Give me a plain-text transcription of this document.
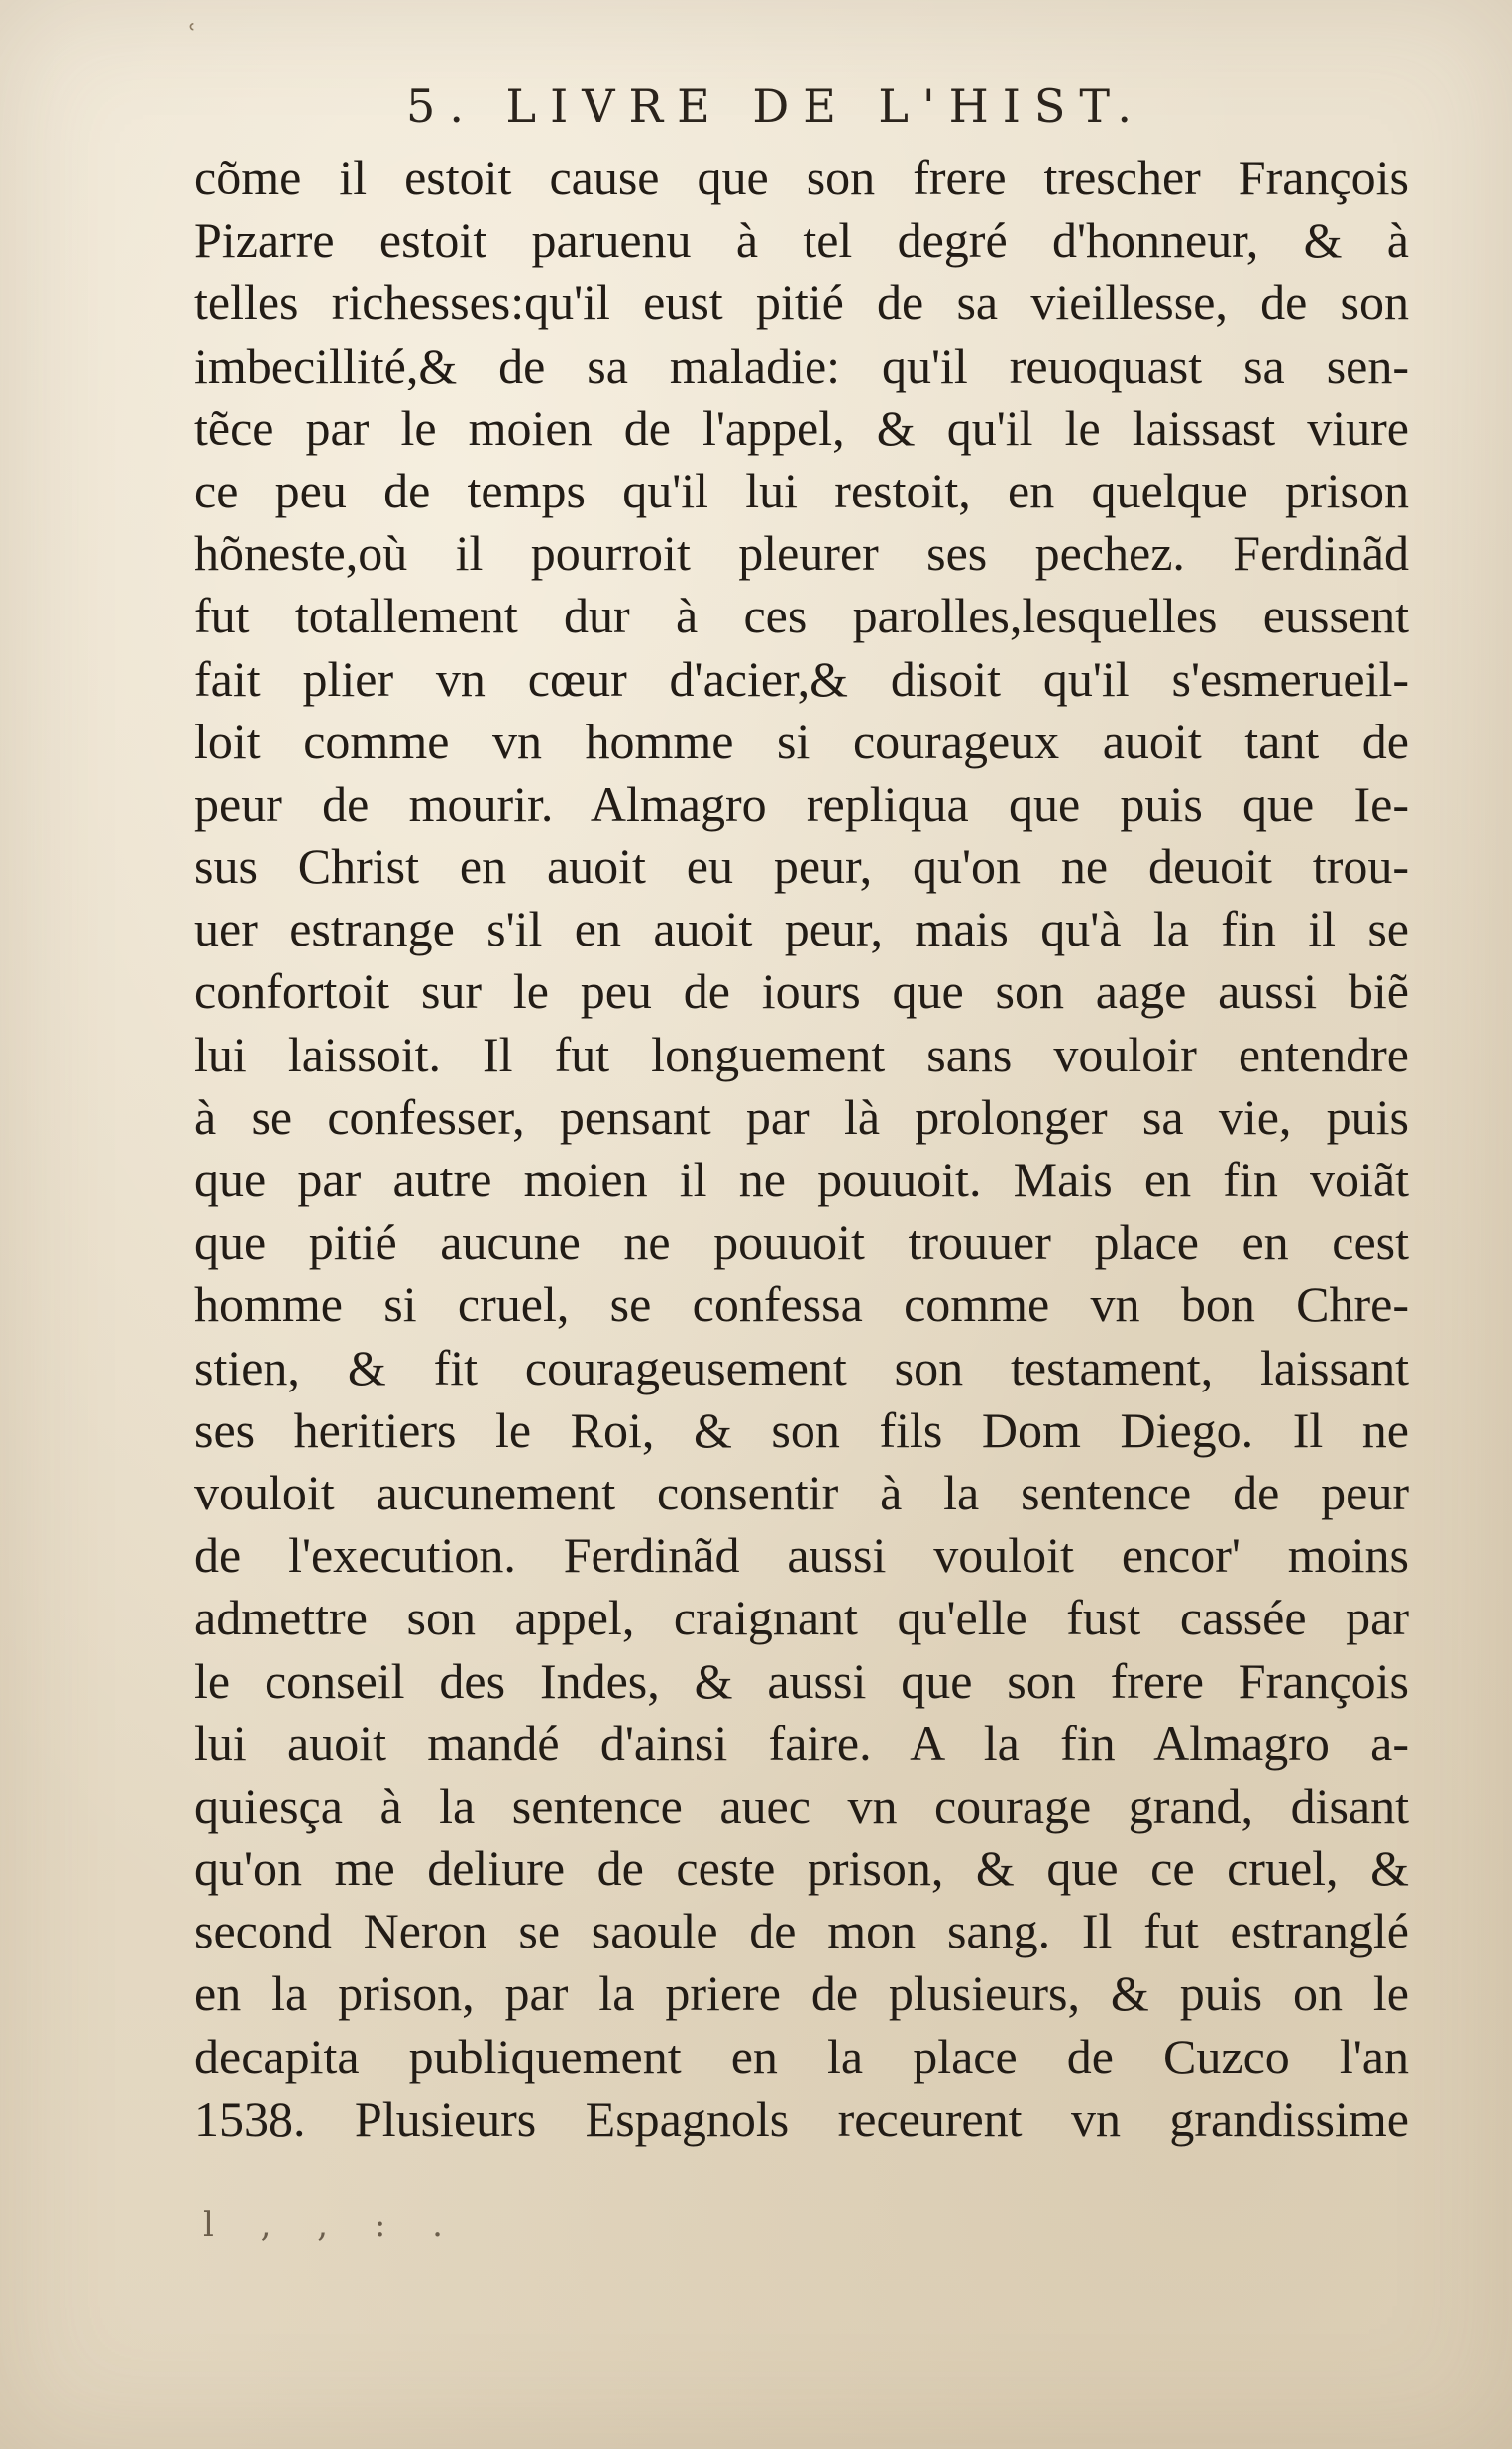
ʿ
5. LIVRE DE L'HIST.
cõme il estoit cause que son frere trescher François
Pizarre estoit paruenu à tel degré d'honneur, & à
telles richesses:qu'il eust pitié de sa vieillesse, de son
imbecillité,& de sa maladie: qu'il reuoquast sa sen-
tẽce par le moien de l'appel, & qu'il le laissast viure
ce peu de temps qu'il lui restoit, en quelque prison
hõneste,où il pourroit pleurer ses pechez. Ferdinãd
fut totallement dur à ces parolles,lesquelles eussent
fait plier vn cœur d'acier,& disoit qu'il s'esmerueil-
loit comme vn homme si courageux auoit tant de
peur de mourir. Almagro repliqua que puis que Ie-
sus Christ en auoit eu peur, qu'on ne deuoit trou-
uer estrange s'il en auoit peur, mais qu'à la fin il se
confortoit sur le peu de iours que son aage aussi biẽ
lui laissoit. Il fut longuement sans vouloir entendre
à se confesser, pensant par là prolonger sa vie, puis
que par autre moien il ne pouuoit. Mais en fin voiãt
que pitié aucune ne pouuoit trouuer place en cest
homme si cruel, se confessa comme vn bon Chre-
stien, & fit courageusement son testament, laissant
ses heritiers le Roi, & son fils Dom Diego. Il ne
vouloit aucunement consentir à la sentence de peur
de l'execution. Ferdinãd aussi vouloit encor' moins
admettre son appel, craignant qu'elle fust cassée par
le conseil des Indes, & aussi que son frere François
lui auoit mandé d'ainsi faire. A la fin Almagro a-
quiesça à la sentence auec vn courage grand, disant
qu'on me deliure de ceste prison, & que ce cruel, &
second Neron se saoule de mon sang. Il fut estranglé
en la prison, par la priere de plusieurs, & puis on le
decapita publiquement en la place de Cuzco l'an
1538. Plusieurs Espagnols receurent vn grandissime
l , , : .
